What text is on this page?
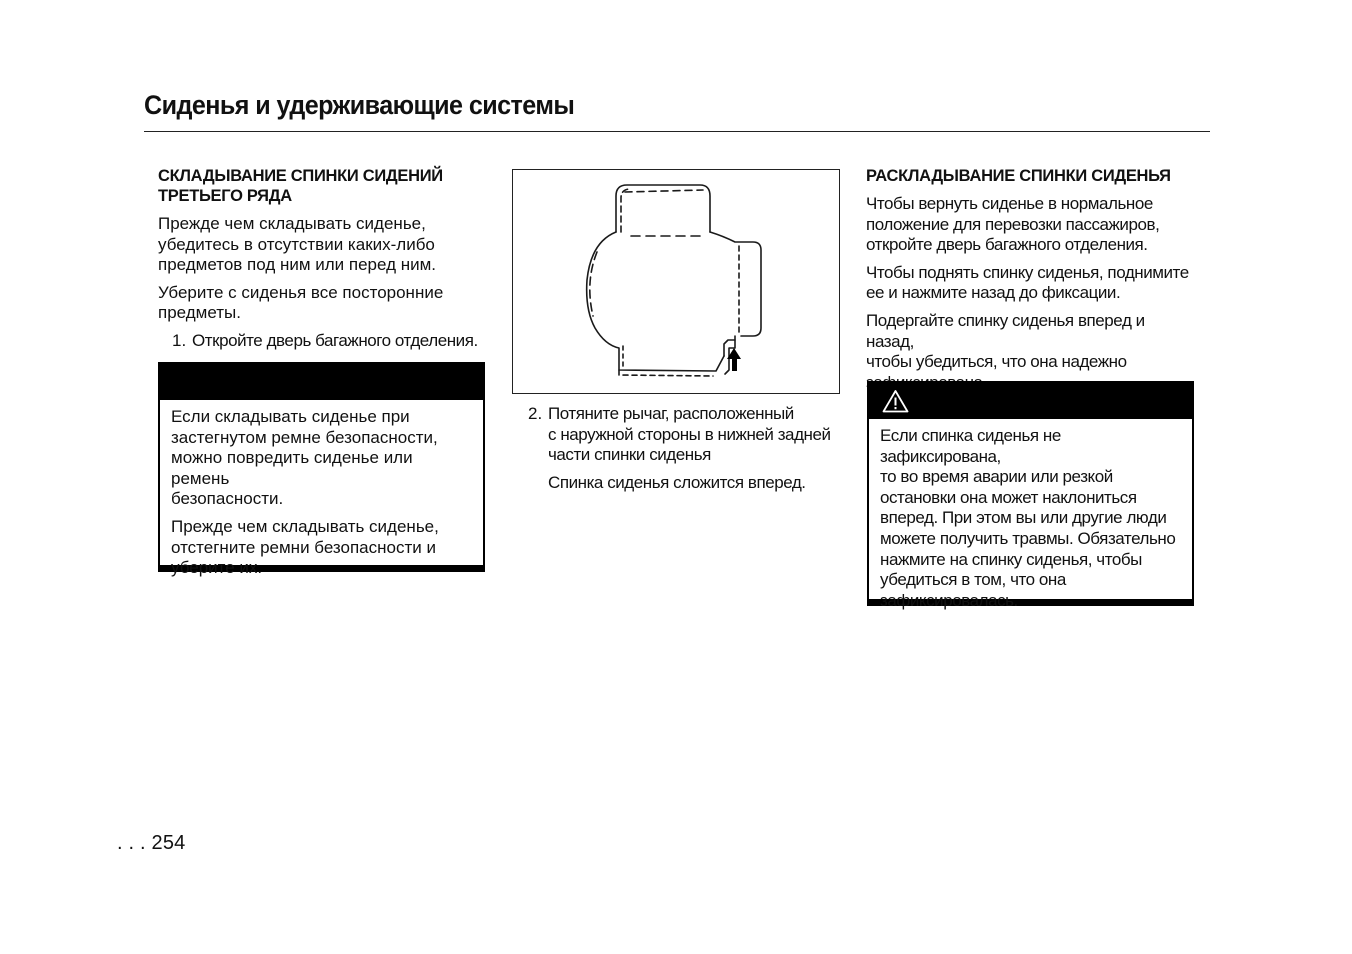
Сиденья и удерживающие системы
СКЛАДЫВАНИЕ СПИНКИ СИДЕНИЙ
ТРЕТЬЕГО РЯДА

Прежде чем складывать сиденье,
убедитесь в отсутствии каких-либо
предметов под ним или перед ним.

Уберите с сиденья все посторонние
предметы.

1. Откройте дверь багажного отделения.

Если складывать сиденье при
застегнутом ремне безопасности,
можно повредить сиденье или ремень
безопасности.

Прежде чем складывать сиденье,
отстегните ремни безопасности и
уберите их.

2. Потяните рычаг, расположенный
с наружной стороны в нижней задней
части спинки сиденья

Спинка сиденья сложится вперед.

РАСКЛАДЫВАНИЕ СПИНКИ СИДЕНЬЯ

Чтобы вернуть сиденье в нормальное
положение для перевозки пассажиров,
откройте дверь багажного отделения.

Чтобы поднять спинку сиденья, поднимите
ее и нажмите назад до фиксации.

Подергайте спинку сиденья вперед и назад,
чтобы убедиться, что она надежно

Если спинка сиденья не зафиксирована,
то во время аварии или резкой
остановки она может наклониться
вперед. При этом вы или другие люди
можете получить травмы. Обязательно
нажмите на спинку сиденья, чтобы
убедиться в том, что она
зафиксировалась.

. . . 254
